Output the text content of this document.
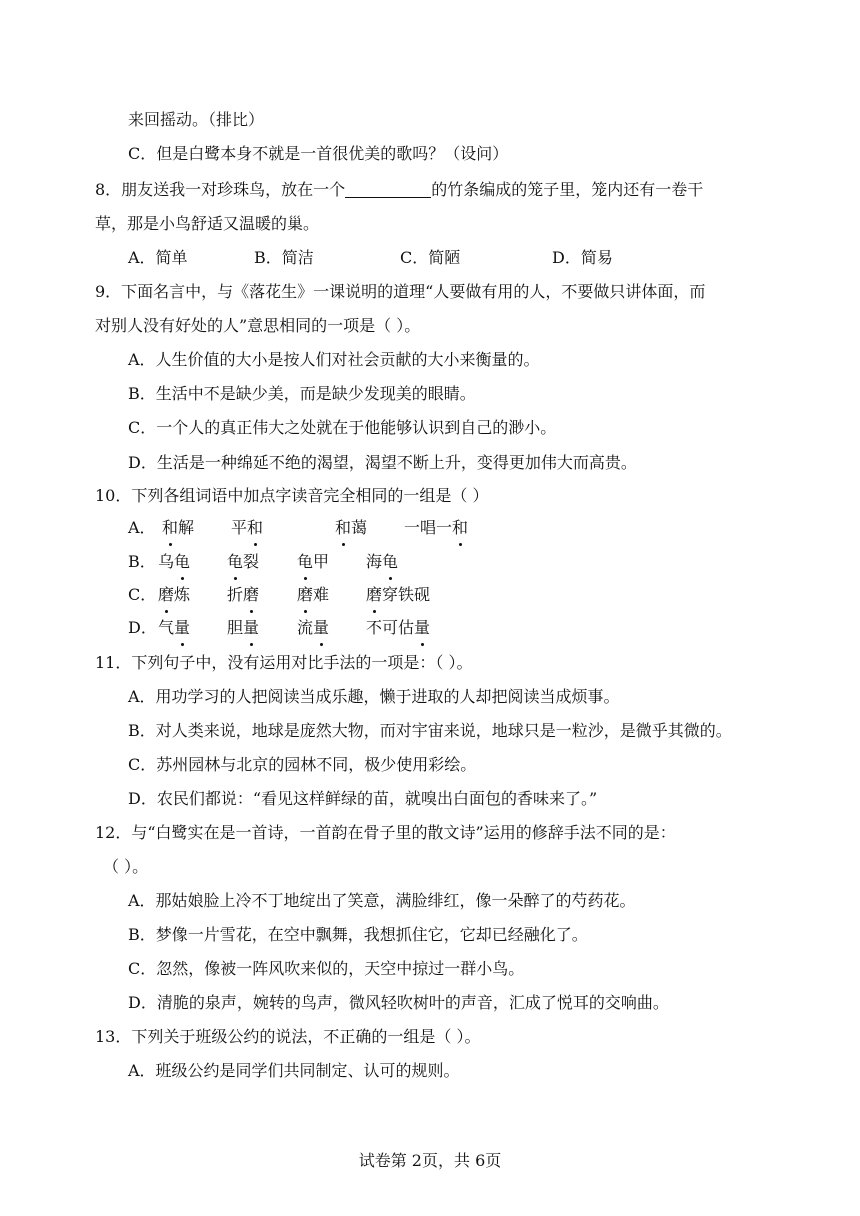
来回摇动。（排比）
C．但是白鹭本身不就是一首很优美的歌吗？（设问）
8．朋友送我一对珍珠鸟，放在一个	的竹条编成的笼子里，笼内还有一卷干
草，那是小鸟舒适又温暖的巢。
A．简单	B．简洁	C．简陋	D．简易
9．下面名言中，与《落花生》一课说明的道理“人要做有用的人，不要做只讲体面，而
对别人没有好处的人”意思相同的一项是（ ）。
A．人生价值的大小是按人们对社会贡献的大小来衡量的。
B．生活中不是缺少美，而是缺少发现美的眼睛。
C．一个人的真正伟大之处就在于他能够认识到自己的渺小。
D．生活是一种绵延不绝的渴望，渴望不断上升，变得更加伟大而高贵。
10．下列各组词语中加点字读音完全相同的一组是（ ）
A． 和解 平和	和蔼 一唱一和
B． 乌龟 龟裂 龟甲 海龟
C． 磨炼 折磨 磨难 磨穿铁砚
D． 气量 胆量 流量 不可估量
11．下列句子中，没有运用对比手法的一项是：（ ）。
A．用功学习的人把阅读当成乐趣，懒于进取的人却把阅读当成烦事。
B．对人类来说，地球是庞然大物，而对宇宙来说，地球只是一粒沙，是微乎其微的。
C．苏州园林与北京的园林不同，极少使用彩绘。
D．农民们都说：“看见这样鲜绿的苗，就嗅出白面包的香味来了。”
12．与“白鹭实在是一首诗，一首韵在骨子里的散文诗”运用的修辞手法不同的是：
（ ）。
A．那姑娘脸上冷不丁地绽出了笑意，满脸绯红，像一朵醉了的芍药花。
B．梦像一片雪花，在空中飘舞，我想抓住它，它却已经融化了。
C．忽然，像被一阵风吹来似的，天空中掠过一群小鸟。
D．清脆的泉声，婉转的鸟声，微风轻吹树叶的声音，汇成了悦耳的交响曲。
13．下列关于班级公约的说法，不正确的一组是（ ）。
A．班级公约是同学们共同制定、认可的规则。
试卷第 2页，共 6页
